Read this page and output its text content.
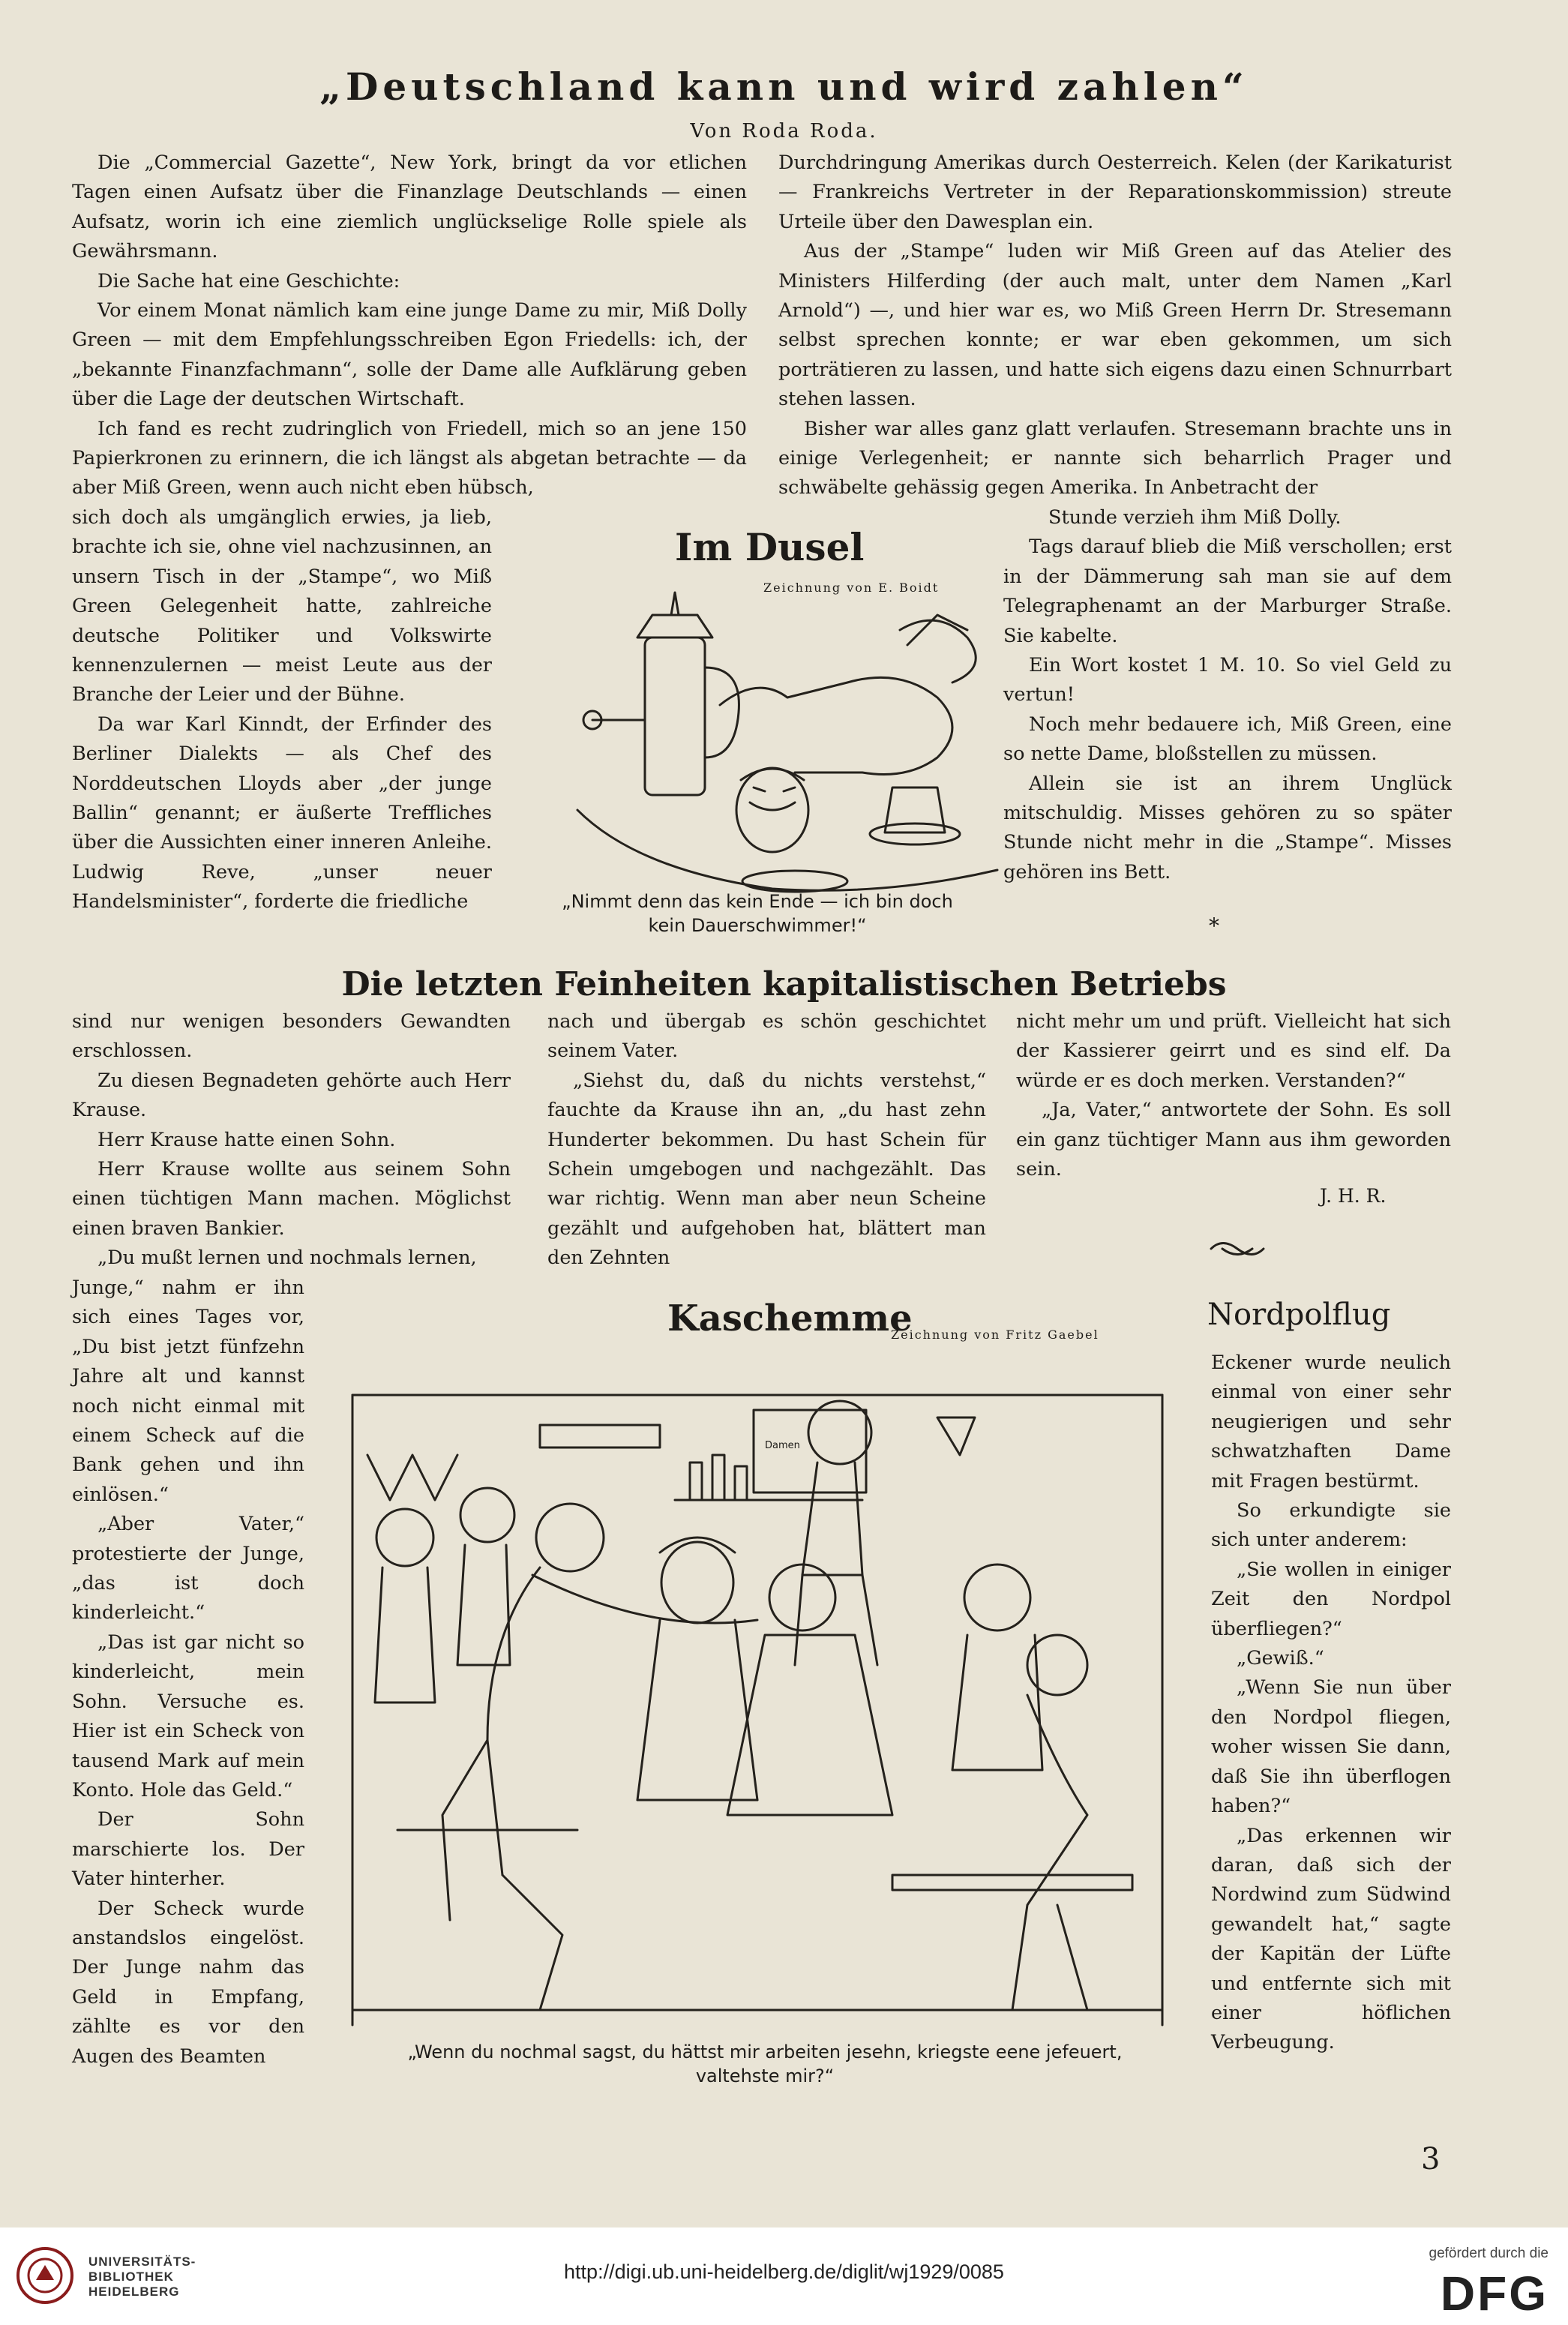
„Deutschland kann und wird zahlen“
Von Roda Roda.

Die „Commercial Gazette“, New York, bringt da vor etlichen Tagen einen Aufsatz über die Finanzlage Deutschlands — einen Aufsatz, worin ich eine ziemlich unglückselige Rolle spiele als Gewährsmann.

Die Sache hat eine Geschichte:

Vor einem Monat nämlich kam eine junge Dame zu mir, Miß Dolly Green — mit dem Empfehlungsschreiben Egon Friedells: ich, der „bekannte Finanzfachmann“, solle der Dame alle Aufklärung geben über die Lage der deutschen Wirtschaft.

Ich fand es recht zudringlich von Friedell, mich so an jene 150 Papierkronen zu erinnern, die ich längst als abgetan betrachte — da aber Miß Green, wenn auch nicht eben hübsch,

sich doch als umgänglich erwies, ja lieb, brachte ich sie, ohne viel nachzusinnen, an unsern Tisch in der „Stampe“, wo Miß Green Gelegenheit hatte, zahlreiche deutsche Politiker und Volkswirte kennenzulernen — meist Leute aus der Branche der Leier und der Bühne.

Da war Karl Kinndt, der Erfinder des Berliner Dialekts — als Chef des Norddeutschen Lloyds aber „der junge Ballin“ genannt; er äußerte Treffliches über die Aussichten einer inneren Anleihe. Ludwig Reve, „unser neuer Handelsminister“, forderte die friedliche

Durchdringung Amerikas durch Oesterreich. Kelen (der Karikaturist — Frankreichs Vertreter in der Reparationskommission) streute Urteile über den Dawesplan ein.

Aus der „Stampe“ luden wir Miß Green auf das Atelier des Ministers Hilferding (der auch malt, unter dem Namen „Karl Arnold“) —, und hier war es, wo Miß Green Herrn Dr. Stresemann selbst sprechen konnte; er war eben gekommen, um sich porträtieren zu lassen, und hatte sich eigens dazu einen Schnurrbart stehen lassen.

Bisher war alles ganz glatt verlaufen. Stresemann brachte uns in einige Verlegenheit; er nannte sich beharrlich Prager und schwäbelte gehässig gegen Amerika. In Anbetracht der

Stunde verzieh ihm Miß Dolly.

Tags darauf blieb die Miß verschollen; erst in der Dämmerung sah man sie auf dem Telegraphenamt an der Marburger Straße. Sie kabelte.

Ein Wort kostet 1 M. 10. So viel Geld zu vertun!

Noch mehr bedauere ich, Miß Green, eine so nette Dame, bloßstellen zu müssen.

Allein sie ist an ihrem Unglück mitschuldig. Misses gehören zu so später Stunde nicht mehr in die „Stampe“. Misses gehören ins Bett.

*
Im Dusel
Zeichnung von E. Boidt
„Nimmt denn das kein Ende — ich bin doch
kein Dauerschwimmer!“
Die letzten Feinheiten kapitalistischen Betriebs

sind nur wenigen besonders Gewandten erschlossen.

Zu diesen Begnadeten gehörte auch Herr Krause.

Herr Krause hatte einen Sohn.

Herr Krause wollte aus seinem Sohn einen tüchtigen Mann machen. Möglichst einen braven Bankier.

„Du mußt lernen und nochmals lernen,

Junge,“ nahm er ihn sich eines Tages vor, „Du bist jetzt fünfzehn Jahre alt und kannst noch nicht einmal mit einem Scheck auf die Bank gehen und ihn einlösen.“

„Aber Vater,“ protestierte der Junge, „das ist doch kinderleicht.“

„Das ist gar nicht so kinderleicht, mein Sohn. Versuche es. Hier ist ein Scheck von tausend Mark auf mein Konto. Hole das Geld.“

Der Sohn marschierte los. Der Vater hinterher.

Der Scheck wurde anstandslos eingelöst. Der Junge nahm das Geld in Empfang, zählte es vor den Augen des Beamten

nach und übergab es schön geschichtet seinem Vater.

„Siehst du, daß du nichts verstehst,“ fauchte da Krause ihn an, „du hast zehn Hunderter bekommen. Du hast Schein für Schein umgebogen und nachgezählt. Das war richtig. Wenn man aber neun Scheine gezählt und aufgehoben hat, blättert man den Zehnten

nicht mehr um und prüft. Vielleicht hat sich der Kassierer geirrt und es sind elf. Da würde er es doch merken. Verstanden?“

„Ja, Vater,“ antwortete der Sohn. Es soll ein ganz tüchtiger Mann aus ihm geworden sein.

J. H. R.
Kaschemme
Zeichnung von Fritz Gaebel
Damen
„Wenn du nochmal sagst, du hättst mir arbeiten jesehn, kriegste eene jefeuert,
valtehste mir?“
Nordpolflug

Eckener wurde neulich einmal von einer sehr neugierigen und sehr schwatzhaften Dame mit Fragen bestürmt.

So erkundigte sie sich unter anderem:

„Sie wollen in einiger Zeit den Nordpol überfliegen?“

„Gewiß.“

„Wenn Sie nun über den Nordpol fliegen, woher wissen Sie dann, daß Sie ihn überflogen haben?“

„Das erkennen wir daran, daß sich der Nordwind zum Südwind gewandelt hat,“ sagte der Kapitän der Lüfte und entfernte sich mit einer höflichen Verbeugung.

3
UNIVERSITÄTS-
BIBLIOTHEK
HEIDELBERG
http://digi.ub.uni-heidelberg.de/diglit/wj1929/0085
gefördert durch die
DFG
